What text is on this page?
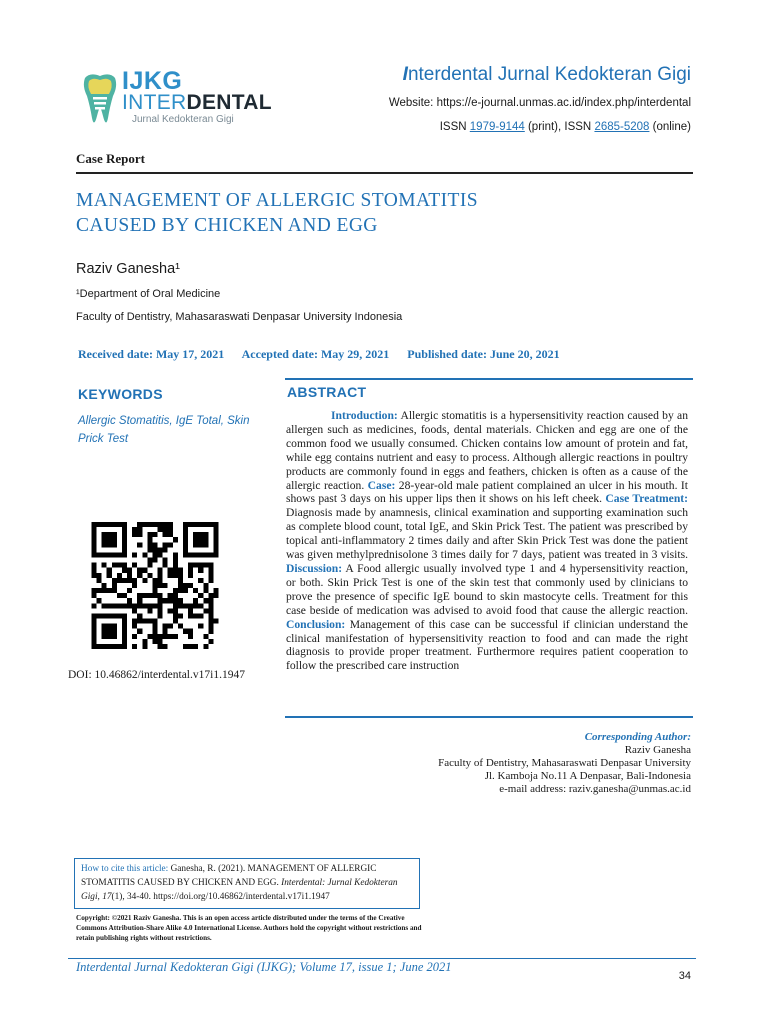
IJKG
INTERDENTAL
Jurnal Kedokteran Gigi
Interdental Jurnal Kedokteran Gigi
Website: https://e-journal.unmas.ac.id/index.php/interdental
ISSN 1979-9144 (print), ISSN 2685-5208 (online)
Case Report
MANAGEMENT OF ALLERGIC STOMATITIS
CAUSED BY CHICKEN AND EGG
Raziv Ganesha¹
¹Department of Oral Medicine
Faculty of Dentistry, Mahasaraswati Denpasar University Indonesia
Received date: May 17, 2021 Accepted date: May 29, 2021 Published date: June 20, 2021
KEYWORDS
Allergic Stomatitis, IgE Total, Skin Prick Test
DOI: 10.46862/interdental.v17i1.1947
ABSTRACT
Introduction: Allergic stomatitis is a hypersensitivity reaction caused by an allergen such as medicines, foods, dental materials. Chicken and egg are one of the common food we usually consumed. Chicken contains low amount of protein and fat, while egg contains nutrient and easy to process. Although allergic reactions in poultry products are commonly found in eggs and feathers, chicken is often as a cause of the allergic reaction. Case: 28-year-old male patient complained an ulcer in his mouth. It shows past 3 days on his upper lips then it shows on his left cheek. Case Treatment: Diagnosis made by anamnesis, clinical examination and supporting examination such as complete blood count, total IgE, and Skin Prick Test. The patient was prescribed by topical anti-inflammatory 2 times daily and after Skin Prick Test was done the patient was given methylprednisolone 3 times daily for 7 days, patient was treated in 3 visits. Discussion: A Food allergic usually involved type 1 and 4 hypersensitivity reaction, or both. Skin Prick Test is one of the skin test that commonly used by clinicians to prove the presence of specific IgE bound to skin mastocyte cells. Treatment for this case beside of medication was advised to avoid food that cause the allergic reaction. Conclusion: Management of this case can be successful if clinician understand the clinical manifestation of hypersensitivity reaction to food and can made the right diagnosis to provide proper treatment. Furthermore requires patient cooperation to follow the prescribed care instruction
Corresponding Author:
Raziv Ganesha
Faculty of Dentistry, Mahasaraswati Denpasar University
Jl. Kamboja No.11 A Denpasar, Bali-Indonesia
e-mail address: raziv.ganesha@unmas.ac.id
How to cite this article: Ganesha, R. (2021). MANAGEMENT OF ALLERGIC STOMATITIS CAUSED BY CHICKEN AND EGG. Interdental: Jurnal Kedokteran Gigi, 17(1), 34-40. https://doi.org/10.46862/interdental.v17i1.1947
Copyright: ©2021 Raziv Ganesha. This is an open access article distributed under the terms of the Creative Commons Attribution-Share Alike 4.0 International License. Authors hold the copyright without restrictions and retain publishing rights without restrictions.
Interdental Jurnal Kedokteran Gigi (IJKG); Volume 17, issue 1; June 2021
34
